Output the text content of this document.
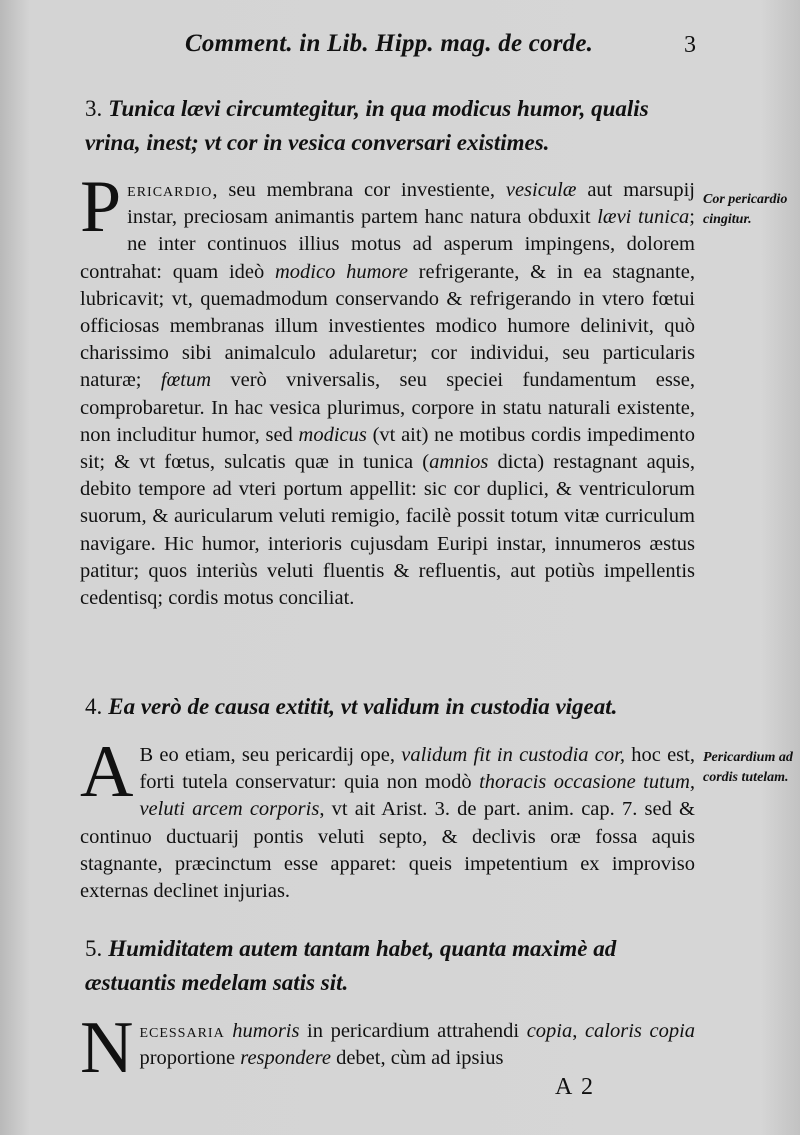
Comment. in Lib. Hipp. mag. de corde.	3
3. Tunica lævi circumtegitur, in qua modicus humor, qualis vrina, inest; vt cor in vesica conversari existimes.
Pericardio, seu membrana cor investiente, vesiculæ aut marsupij instar, preciosam animantis partem hanc natura obduxit lævi tunica; ne inter continuos illius motus ad asperum impingens, dolorem contrahat: quam ideò modico humore refrigerante, & in ea stagnante, lubricavit; vt, quemadmodum conservando & refrigerando in vtero fœtui officiosas membranas illum investientes modico humore delinivit, quò charissimo sibi animalculo adularetur; cor individui, seu particularis naturæ; fœtum verò vniversalis, seu speciei fundamentum esse, comprobaretur. In hac vesica plurimus, corpore in statu naturali existente, non includitur humor, sed modicus (vt ait) ne motibus cordis impedimento sit; & vt fœtus, sulcatis quæ in tunica (amnios dicta) restagnant aquis, debito tempore ad vteri portum appellit: sic cor duplici, & ventriculorum suorum, & auricularum veluti remigio, facilè possit totum vitæ curriculum navigare. Hic humor, interioris cujusdam Euripi instar, innumeros æstus patitur; quos interiùs veluti fluentis & refluentis, aut potiùs impellentis cedentisq; cordis motus conciliat.
Cor pericardio cingitur.
4. Ea verò de causa extitit, vt validum in custodia vigeat.
A B eo etiam, seu pericardij ope, validum fit in custodia cor, hoc est, forti tutela conservatur: quia non modò thoracis occasione tutum, veluti arcem corporis, vt ait Arist. 3. de part. anim. cap. 7. sed & continuo ductuarij pontis veluti septo, & declivis oræ fossa aquis stagnante, præcinctum esse apparet: queis impetentium ex improviso externas declinet injurias.
Pericardium ad cordis tutelam.
5. Humiditatem autem tantam habet, quanta maximè ad æstuantis medelam satis sit.
Necessaria humoris in pericardium attrahendi copia, caloris copia proportione respondere debet, cùm ad ipsius
A 2
